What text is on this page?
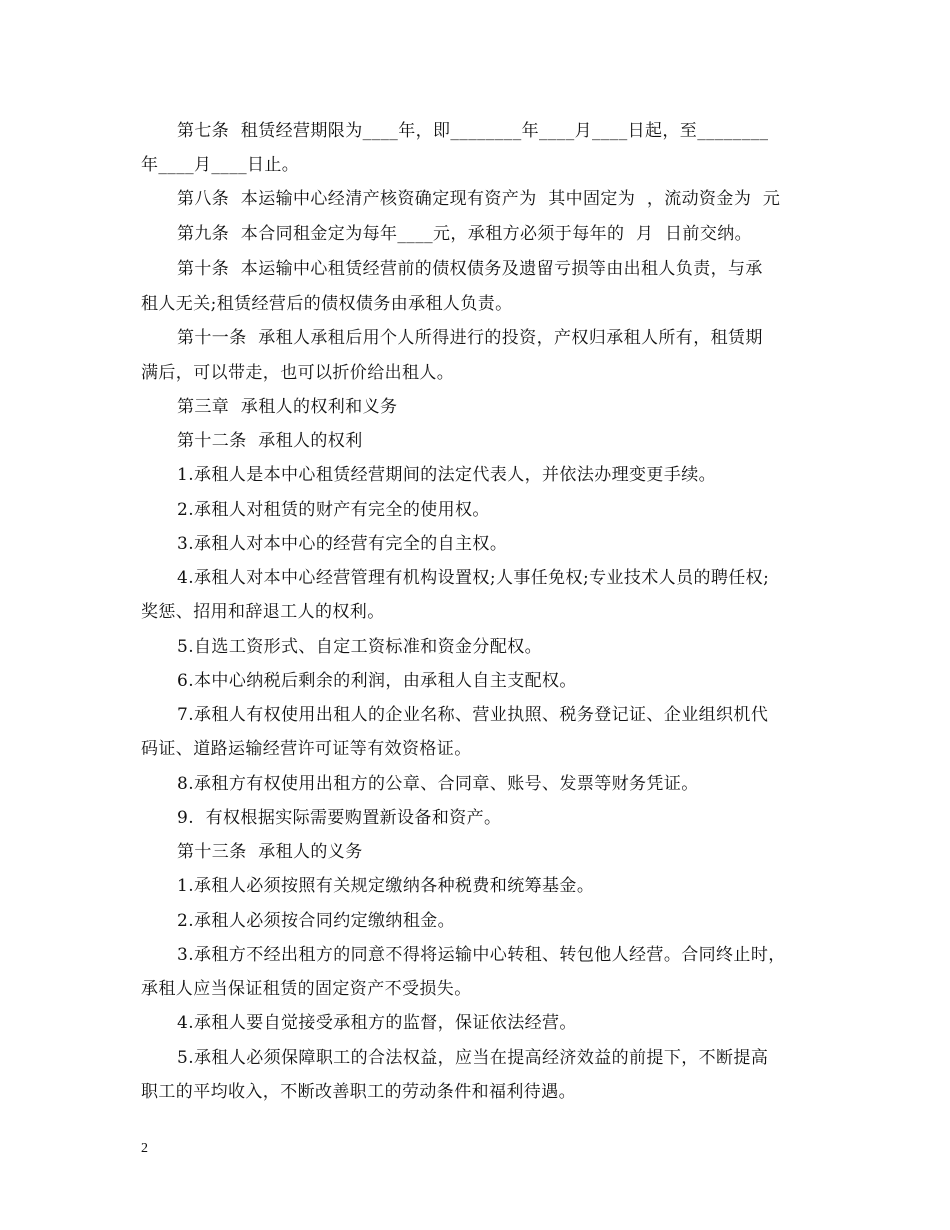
第七条  租赁经营期限为____年，即________年____月____日起，至________
年____月____日止。
第八条  本运输中心经清产核资确定现有资产为  其中固定为  ，流动资金为  元
第九条  本合同租金定为每年____元，承租方必须于每年的  月  日前交纳。
第十条  本运输中心租赁经营前的债权债务及遗留亏损等由出租人负责，与承
租人无关;租赁经营后的债权债务由承租人负责。
第十一条  承租人承租后用个人所得进行的投资，产权归承租人所有，租赁期
满后，可以带走，也可以折价给出租人。
第三章  承租人的权利和义务
第十二条  承租人的权利
1.承租人是本中心租赁经营期间的法定代表人，并依法办理变更手续。
2.承租人对租赁的财产有完全的使用权。
3.承租人对本中心的经营有完全的自主权。
4.承租人对本中心经营管理有机构设置权;人事任免权;专业技术人员的聘任权;
奖惩、招用和辞退工人的权利。
5.自选工资形式、自定工资标准和资金分配权。
6.本中心纳税后剩余的利润，由承租人自主支配权。
7.承租人有权使用出租人的企业名称、营业执照、税务登记证、企业组织机代
码证、道路运输经营许可证等有效资格证。
8.承租方有权使用出租方的公章、合同章、账号、发票等财务凭证。
9.  有权根据实际需要购置新设备和资产。
第十三条  承租人的义务
1.承租人必须按照有关规定缴纳各种税费和统筹基金。
2.承租人必须按合同约定缴纳租金。
3.承租方不经出租方的同意不得将运输中心转租、转包他人经营。合同终止时，
承租人应当保证租赁的固定资产不受损失。
4.承租人要自觉接受承租方的监督，保证依法经营。
5.承租人必须保障职工的合法权益，应当在提高经济效益的前提下，不断提高
职工的平均收入，不断改善职工的劳动条件和福利待遇。
2
